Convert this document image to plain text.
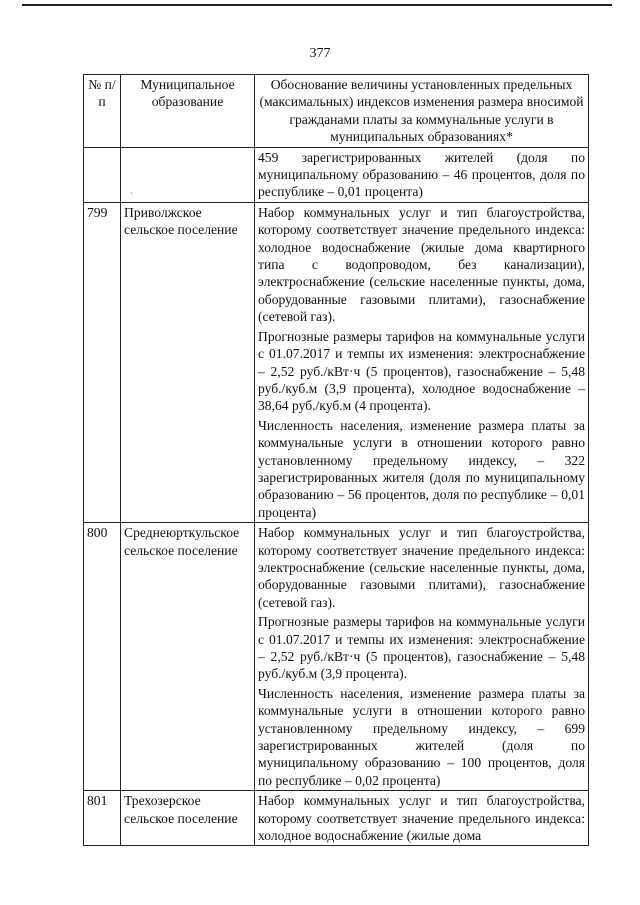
377
ˎ
№ п/п	Муниципальное образование	Обоснование величины установленных предельных (максимальных) индексов изменения размера вносимой гражданами платы за коммунальные услуги в муниципальных образованиях*

		459 зарегистрированных жителей (доля по муниципальному образованию – 46 процентов, доля по республике – 0,01 процента)

799	Приволжское сельское поселение	Набор коммунальных услуг и тип благоустройства, которому соответствует значение предельного индекса: холодное водоснабжение (жилые дома квартирного типа с водопроводом, без канализации), электроснабжение (сельские населенные пункты, дома, оборудованные газовыми плитами), газоснабжение (сетевой газ).

Прогнозные размеры тарифов на коммунальные услуги с 01.07.2017 и темпы их изменения: электроснабжение – 2,52 руб./кВт·ч (5 процентов), газоснабжение – 5,48 руб./куб.м (3,9 процента), холодное водоснабжение – 38,64 руб./куб.м (4 процента).

Численность населения, изменение размера платы за коммунальные услуги в отношении которого равно установленному предельному индексу, – 322 зарегистрированных жителя (доля по муниципальному образованию – 56 процентов, доля по республике – 0,01 процента)

800	Среднеюрткульское сельское поселение	Набор коммунальных услуг и тип благоустройства, которому соответствует значение предельного индекса: электроснабжение (сельские населенные пункты, дома, оборудованные газовыми плитами), газоснабжение (сетевой газ).

Прогнозные размеры тарифов на коммунальные услуги с 01.07.2017 и темпы их изменения: электроснабжение – 2,52 руб./кВт·ч (5 процентов), газоснабжение – 5,48 руб./куб.м (3,9 процента).

Численность населения, изменение размера платы за коммунальные услуги в отношении которого равно установленному предельному индексу, – 699 зарегистрированных жителей (доля по муниципальному образованию – 100 процентов, доля по республике – 0,02 процента)

801	Трехозерское сельское поселение	Набор коммунальных услуг и тип благоустройства, которому соответствует значение предельного индекса: холодное водоснабжение (жилые дома
